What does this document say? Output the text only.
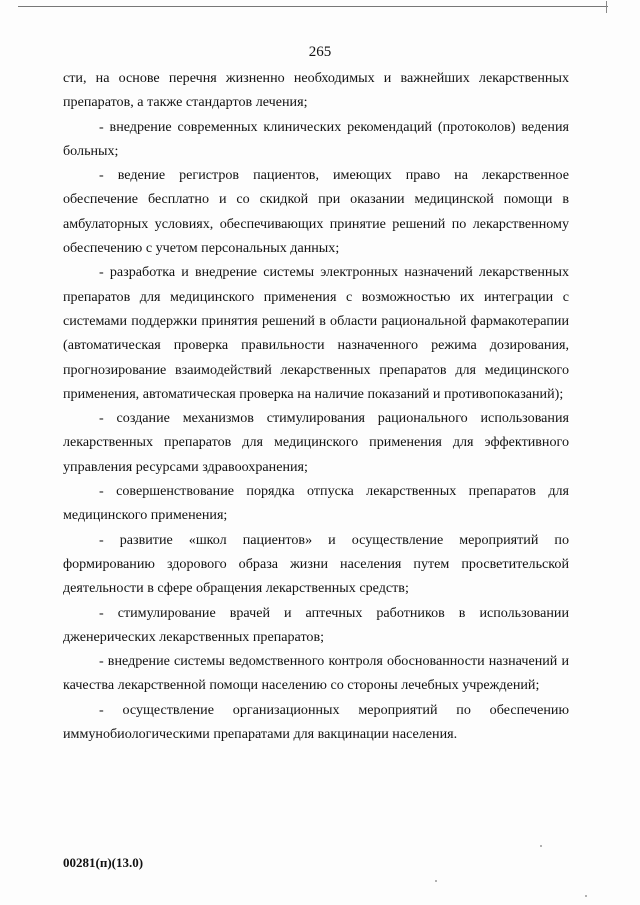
265

сти, на основе перечня жизненно необходимых и важнейших лекарственных препаратов, а также стандартов лечения;

- внедрение современных клинических рекомендаций (протоколов) ведения больных;

- ведение регистров пациентов, имеющих право на лекарственное обеспечение бесплатно и со скидкой при оказании медицинской помощи в амбулаторных условиях, обеспечивающих принятие решений по лекарственному обеспечению с учетом персональных данных;

- разработка и внедрение системы электронных назначений лекарственных препаратов для медицинского применения с возможностью их интеграции с системами поддержки принятия решений в области рациональной фармакотерапии (автоматическая проверка правильности назначенного режима дозирования, прогнозирование взаимодействий лекарственных препаратов для медицинского применения, автоматическая проверка на наличие показаний и противопоказаний);

- создание механизмов стимулирования рационального использования лекарственных препаратов для медицинского применения для эффективного управления ресурсами здравоохранения;

- совершенствование порядка отпуска лекарственных препаратов для медицинского применения;

- развитие «школ пациентов» и осуществление мероприятий по формированию здорового образа жизни населения путем просветительской деятельности в сфере обращения лекарственных средств;

- стимулирование врачей и аптечных работников в использовании дженерических лекарственных препаратов;

- внедрение системы ведомственного контроля обоснованности назначений и качества лекарственной помощи населению со стороны лечебных учреждений;

- осуществление организационных мероприятий по обеспечению иммунобиологическими препаратами для вакцинации населения.

00281(п)(13.0)
